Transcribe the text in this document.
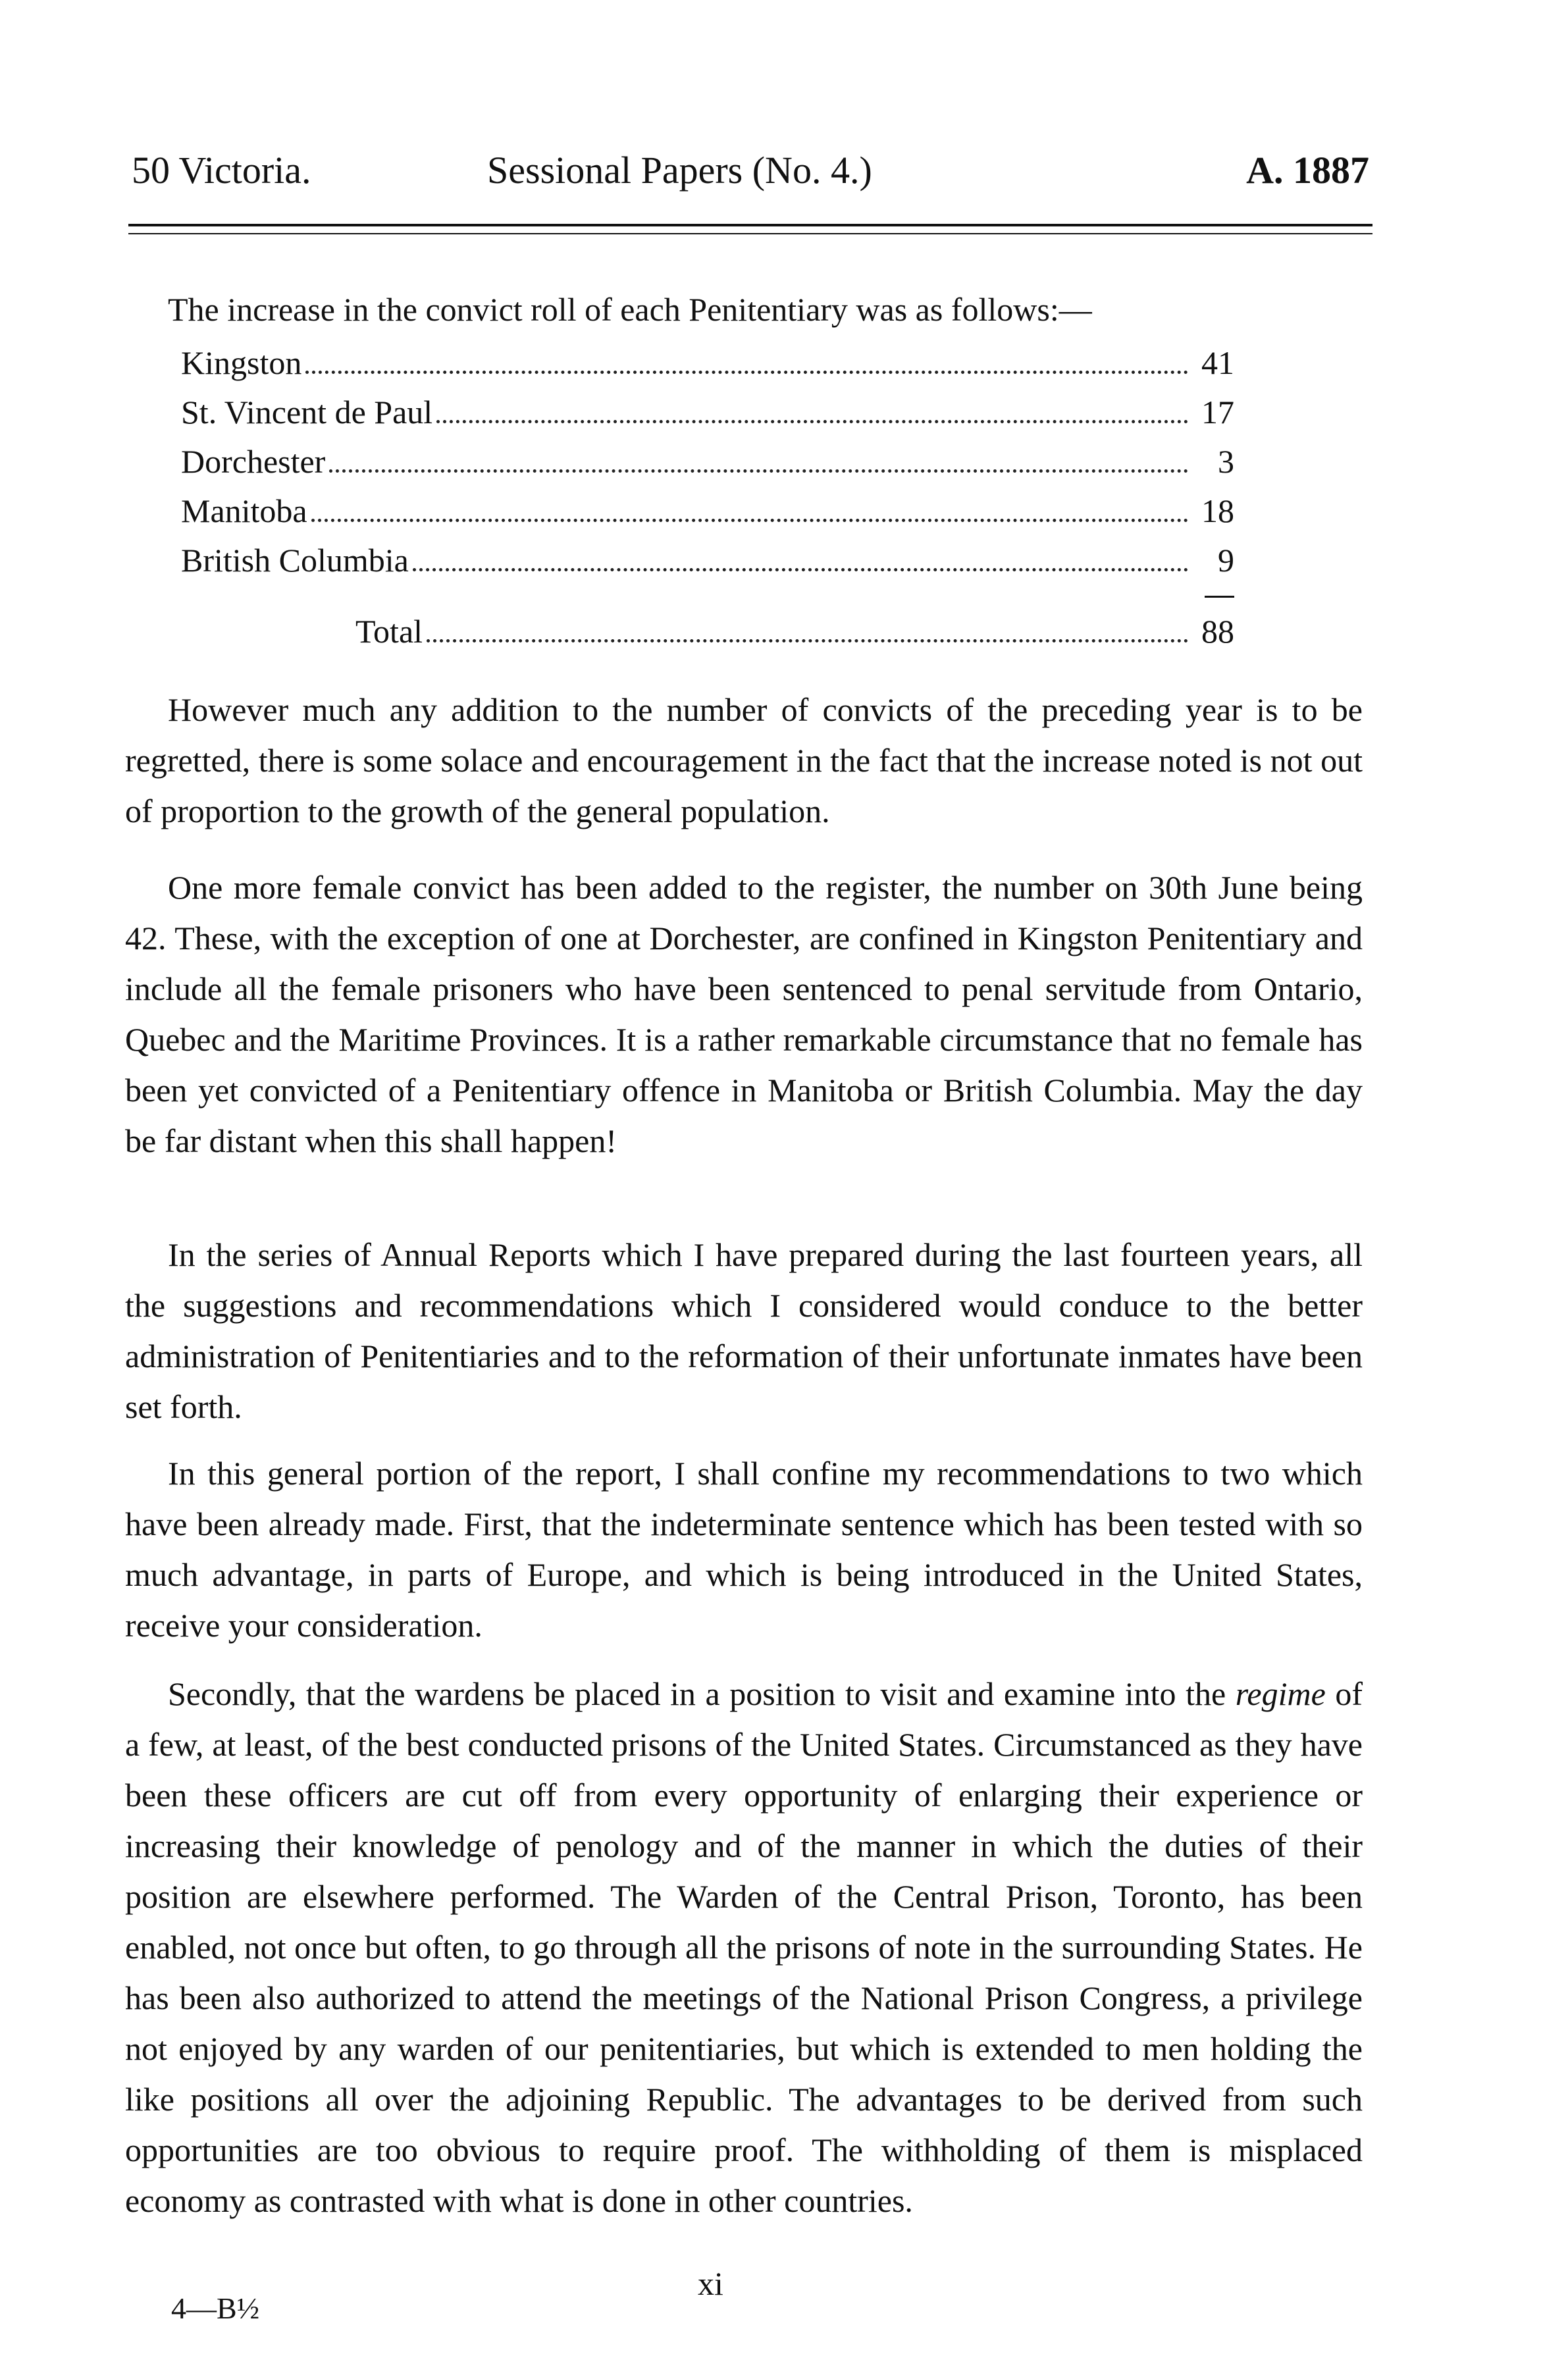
50 Victoria.	Sessional Papers (No. 4.)	A. 1887
The increase in the convict roll of each Penitentiary was as follows:—
Kingston	41
St. Vincent de Paul	17
Dorchester	3
Manitoba	18
British Columbia	9
Total	88
However much any addition to the number of convicts of the preceding year is to be regretted, there is some solace and encouragement in the fact that the increase noted is not out of proportion to the growth of the general population.
One more female convict has been added to the register, the number on 30th June being 42. These, with the exception of one at Dorchester, are confined in Kingston Penitentiary and include all the female prisoners who have been sentenced to penal servitude from Ontario, Quebec and the Maritime Provinces. It is a rather remarkable circumstance that no female has been yet convicted of a Penitentiary offence in Manitoba or British Columbia. May the day be far distant when this shall happen!
In the series of Annual Reports which I have prepared during the last fourteen years, all the suggestions and recommendations which I considered would conduce to the better administration of Penitentiaries and to the reformation of their unfortunate inmates have been set forth.
In this general portion of the report, I shall confine my recommendations to two which have been already made. First, that the indeterminate sentence which has been tested with so much advantage, in parts of Europe, and which is being introduced in the United States, receive your consideration.
Secondly, that the wardens be placed in a position to visit and examine into the regime of a few, at least, of the best conducted prisons of the United States. Circumstanced as they have been these officers are cut off from every opportunity of enlarging their experience or increasing their knowledge of penology and of the manner in which the duties of their position are elsewhere performed. The Warden of the Central Prison, Toronto, has been enabled, not once but often, to go through all the prisons of note in the surrounding States. He has been also authorized to attend the meetings of the National Prison Congress, a privilege not enjoyed by any warden of our penitentiaries, but which is extended to men holding the like positions all over the adjoining Republic. The advantages to be derived from such opportunities are too obvious to require proof. The withholding of them is misplaced economy as contrasted with what is done in other countries.
xi
4—B½
